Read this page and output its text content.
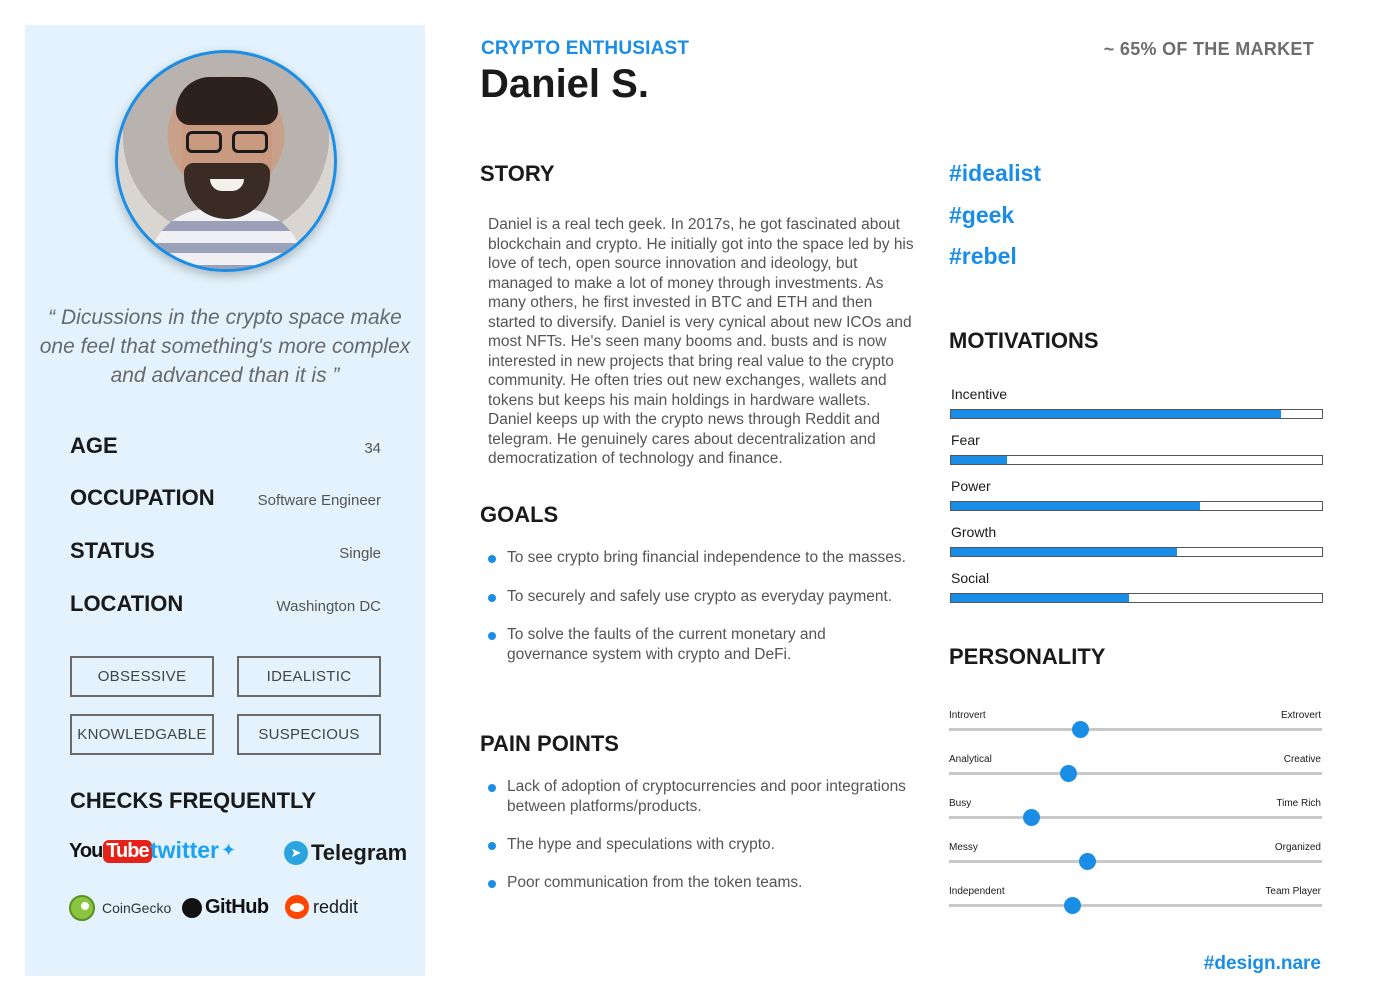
“ Dicussions in the crypto space make one feel that something's more complex and advanced than it is ”
AGE	34
OCCUPATION	Software Engineer
STATUS	Single
LOCATION	Washington DC
OBSESSIVE	IDEALISTIC
KNOWLEDGABLE	SUSPECIOUS
CHECKS FREQUENTLY
You Tube twitter ✦	➤ Telegram
CoinGecko GitHub reddit
CRYPTO ENTHUSIAST
Daniel S.
~ 65% OF THE MARKET
STORY
Daniel is a real tech geek. In 2017s, he got fascinated about blockchain and crypto. He initially got into the space led by his love of tech, open source innovation and ideology, but managed to make a lot of money through investments. As many others, he first invested in BTC and ETH and then started to diversify. Daniel is very cynical about new ICOs and most NFTs. He's seen many booms and. busts and is now interested in new projects that bring real value to the crypto community. He often tries out new exchanges, wallets and tokens but keeps his main holdings in hardware wallets. Daniel keeps up with the crypto news through Reddit and telegram. He genuinely cares about decentralization and democratization of technology and finance.
GOALS
To see crypto bring financial independence to the masses.
To securely and safely use crypto as everyday payment.
To solve the faults of the current monetary and governance system with crypto and DeFi.
PAIN POINTS
Lack of adoption of cryptocurrencies and poor integrations between platforms/products.
The hype and speculations with crypto.
Poor communication from the token teams.
#idealist
#geek
#rebel
MOTIVATIONS
Incentive
Fear
Power
Growth
Social
PERSONALITY
Introvert	Extrovert
Analytical	Creative
Busy	Time Rich
Messy	Organized
Independent	Team Player
#design.nare
